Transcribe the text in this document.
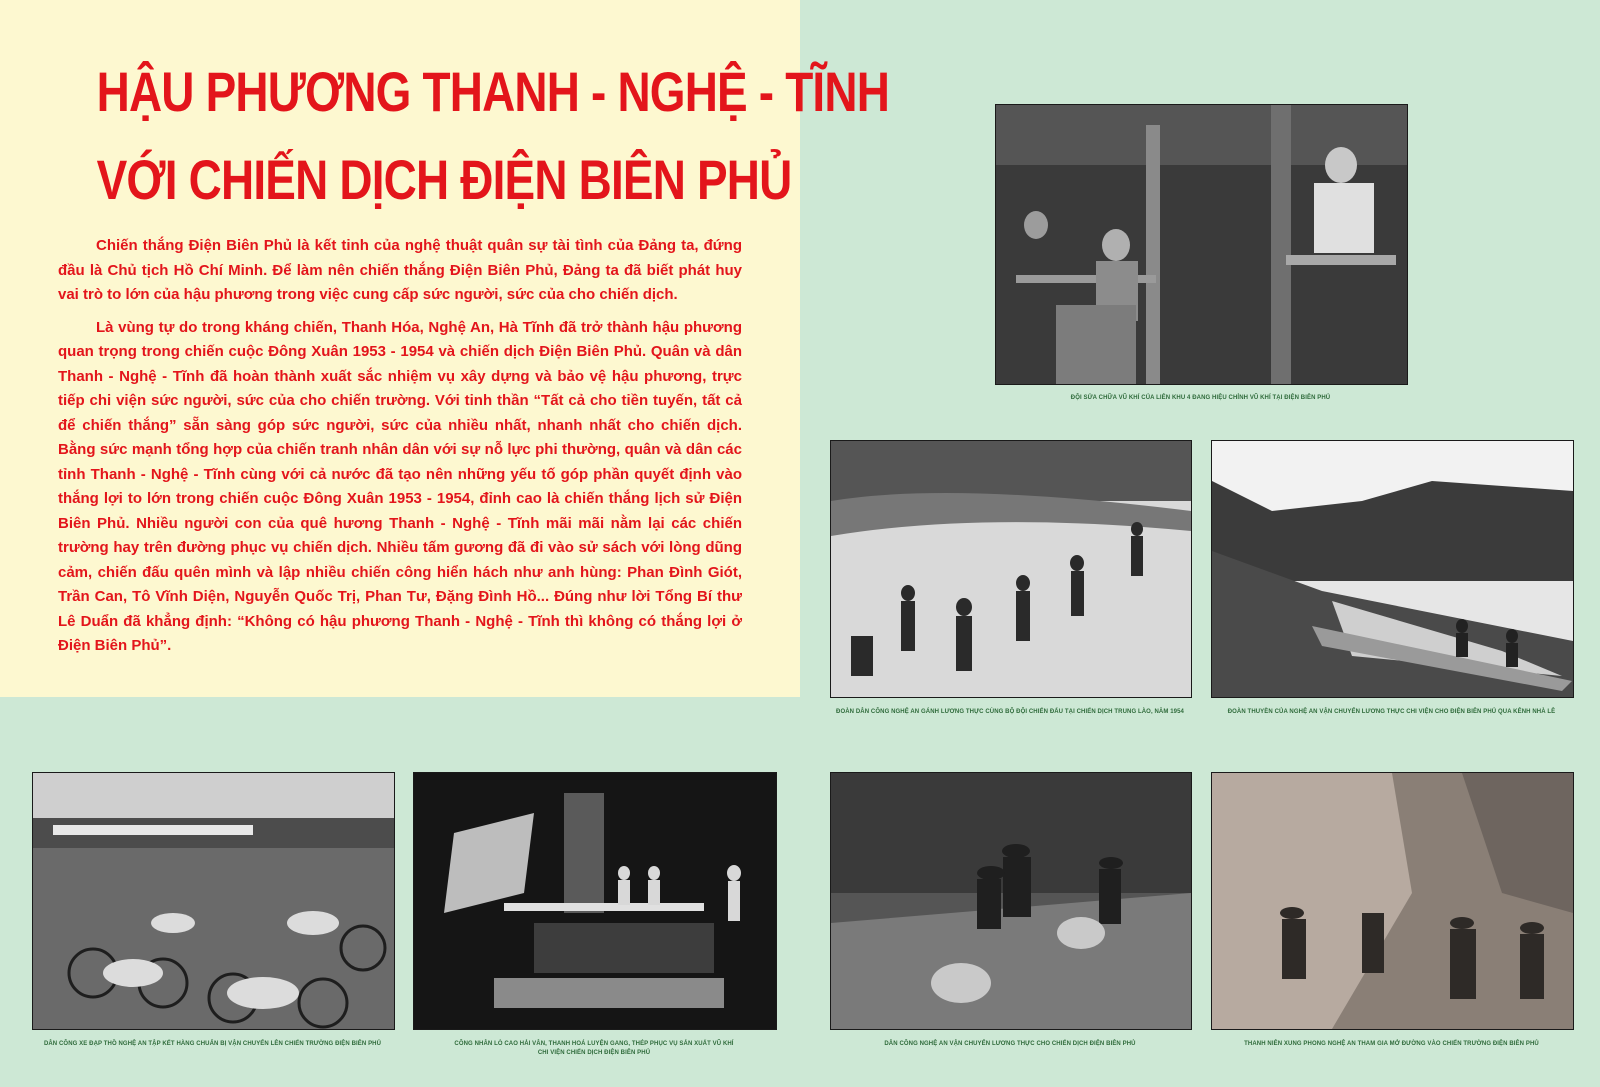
HẬU PHƯƠNG THANH - NGHỆ - TĨNH
VỚI CHIẾN DỊCH ĐIỆN BIÊN PHỦ

Chiến thắng Điện Biên Phủ là kết tinh của nghệ thuật quân sự tài tình của Đảng ta, đứng đầu là Chủ tịch Hồ Chí Minh. Để làm nên chiến thắng Điện Biên Phủ, Đảng ta đã biết phát huy vai trò to lớn của hậu phương trong việc cung cấp sức người, sức của cho chiến dịch.

Là vùng tự do trong kháng chiến, Thanh Hóa, Nghệ An, Hà Tĩnh đã trở thành hậu phương quan trọng trong chiến cuộc Đông Xuân 1953 - 1954 và chiến dịch Điện Biên Phủ. Quân và dân Thanh - Nghệ - Tĩnh đã hoàn thành xuất sắc nhiệm vụ xây dựng và bảo vệ hậu phương, trực tiếp chi viện sức người, sức của cho chiến trường. Với tinh thần “Tất cả cho tiền tuyến, tất cả để chiến thắng” sẵn sàng góp sức người, sức của nhiều nhất, nhanh nhất cho chiến dịch. Bằng sức mạnh tổng hợp của chiến tranh nhân dân với sự nỗ lực phi thường, quân và dân các tỉnh Thanh - Nghệ - Tĩnh cùng với cả nước đã tạo nên những yếu tố góp phần quyết định vào thắng lợi to lớn trong chiến cuộc Đông Xuân 1953 - 1954, đỉnh cao là chiến thắng lịch sử Điện Biên Phủ. Nhiều người con của quê hương Thanh - Nghệ - Tĩnh mãi mãi nằm lại các chiến trường hay trên đường phục vụ chiến dịch. Nhiều tấm gương đã đi vào sử sách với lòng dũng cảm, chiến đấu quên mình và lập nhiều chiến công hiển hách như anh hùng: Phan Đình Giót, Trần Can, Tô Vĩnh Diện, Nguyễn Quốc Trị, Phan Tư, Đặng Đình Hồ... Đúng như lời Tổng Bí thư Lê Duẩn đã khẳng định: “Không có hậu phương Thanh - Nghệ - Tĩnh thì không có thắng lợi ở Điện Biên Phủ”.

ĐỘI SỬA CHỮA VŨ KHÍ CỦA LIÊN KHU 4 ĐANG HIỆU CHỈNH VŨ KHÍ TẠI ĐIỆN BIÊN PHỦ
ĐOÀN DÂN CÔNG NGHỆ AN GÁNH LƯƠNG THỰC CÙNG BỘ ĐỘI CHIẾN ĐẤU TẠI CHIẾN DỊCH TRUNG LÀO, NĂM 1954	ĐOÀN THUYỀN CỦA NGHỆ AN VẬN CHUYỂN LƯƠNG THỰC CHI VIỆN CHO ĐIỆN BIÊN PHỦ QUA KÊNH NHÀ LÊ
DÂN CÔNG XE ĐẠP THỒ NGHỆ AN TẬP KẾT HÀNG CHUẨN BỊ VẬN CHUYỂN LÊN CHIẾN TRƯỜNG ĐIỆN BIÊN PHỦ	CÔNG NHÂN LÒ CAO HẢI VÂN, THANH HOÁ LUYỆN GANG, THÉP PHỤC VỤ SẢN XUẤT VŨ KHÍ
CHI VIỆN CHIẾN DỊCH ĐIỆN BIÊN PHỦ
DÂN CÔNG NGHỆ AN VẬN CHUYỂN LƯƠNG THỰC CHO CHIẾN DỊCH ĐIỆN BIÊN PHỦ	THANH NIÊN XUNG PHONG NGHỆ AN THAM GIA MỞ ĐƯỜNG VÀO CHIẾN TRƯỜNG ĐIỆN BIÊN PHỦ
